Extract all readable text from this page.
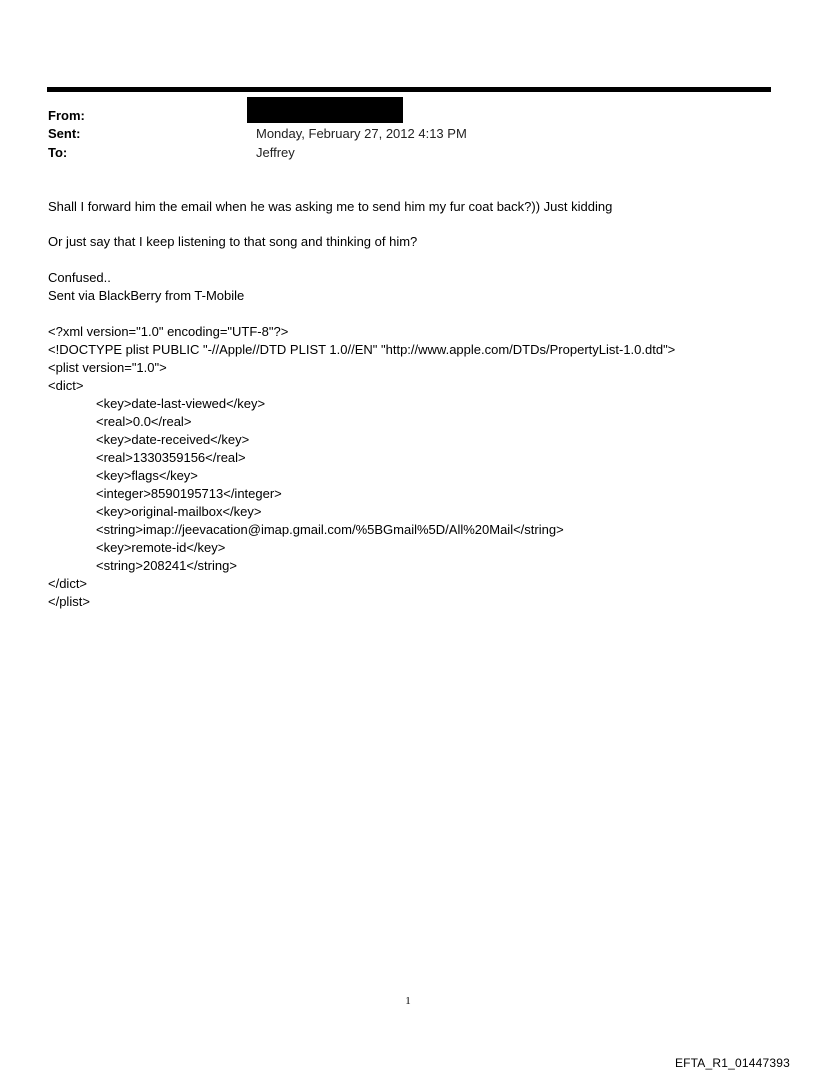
From:
Sent:	Monday, February 27, 2012 4:13 PM
To:	Jeffrey
Shall I forward him the email when he was asking me to send him my fur coat back?)) Just kidding
Or just say that I keep listening to that song and thinking of him?
Confused..
Sent via BlackBerry from T-Mobile
<?xml version="1.0" encoding="UTF-8"?>
<!DOCTYPE plist PUBLIC "-//Apple//DTD PLIST 1.0//EN" "http://www.apple.com/DTDs/PropertyList-1.0.dtd">
<plist version="1.0">
<dict>
<key>date-last-viewed</key>
<real>0.0</real>
<key>date-received</key>
<real>1330359156</real>
<key>flags</key>
<integer>8590195713</integer>
<key>original-mailbox</key>
<string>imap://jeevacation@imap.gmail.com/%5BGmail%5D/All%20Mail</string>
<key>remote-id</key>
<string>208241</string>
</dict>
</plist>
1
EFTA_R1_01447393
